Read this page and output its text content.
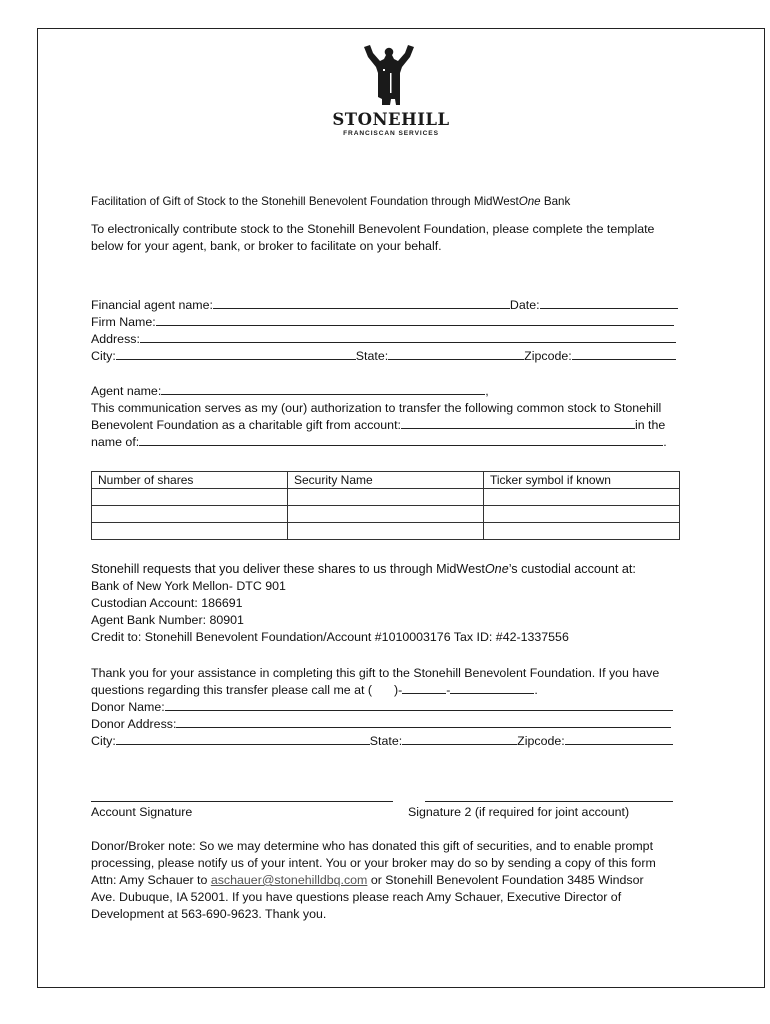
STONEHILL
FRANCISCAN SERVICES
Facilitation of Gift of Stock to the Stonehill Benevolent Foundation through MidWestOne Bank
To electronically contribute stock to the Stonehill Benevolent Foundation, please complete the template
below for your agent, bank, or broker to facilitate on your behalf.
Financial agent name:	Date:
Firm Name:
Address:
City:	State:	Zipcode:
Agent name:	,
This communication serves as my (our) authorization to transfer the following common stock to Stonehill
Benevolent Foundation as a charitable gift from account:	in the
name of:	.
Number of shares	Security Name	Ticker symbol if known

Stonehill requests that you deliver these shares to us through MidWestOne’s custodial account at:
Bank of New York Mellon- DTC 901
Custodian Account: 186691
Agent Bank Number: 80901
Credit to: Stonehill Benevolent Foundation/Account #1010003176 Tax ID: #42-1337556
Thank you for your assistance in completing this gift to the Stonehill Benevolent Foundation. If you have
questions regarding this transfer please call me at ( )-	-	.
Donor Name:
Donor Address:
City:	State:	Zipcode:
Account Signature	Signature 2 (if required for joint account)
Donor/Broker note: So we may determine who has donated this gift of securities, and to enable prompt
processing, please notify us of your intent. You or your broker may do so by sending a copy of this form
Attn: Amy Schauer to aschauer@stonehilldbq.com or Stonehill Benevolent Foundation 3485 Windsor
Ave. Dubuque, IA 52001. If you have questions please reach Amy Schauer, Executive Director of
Development at 563-690-9623. Thank you.
